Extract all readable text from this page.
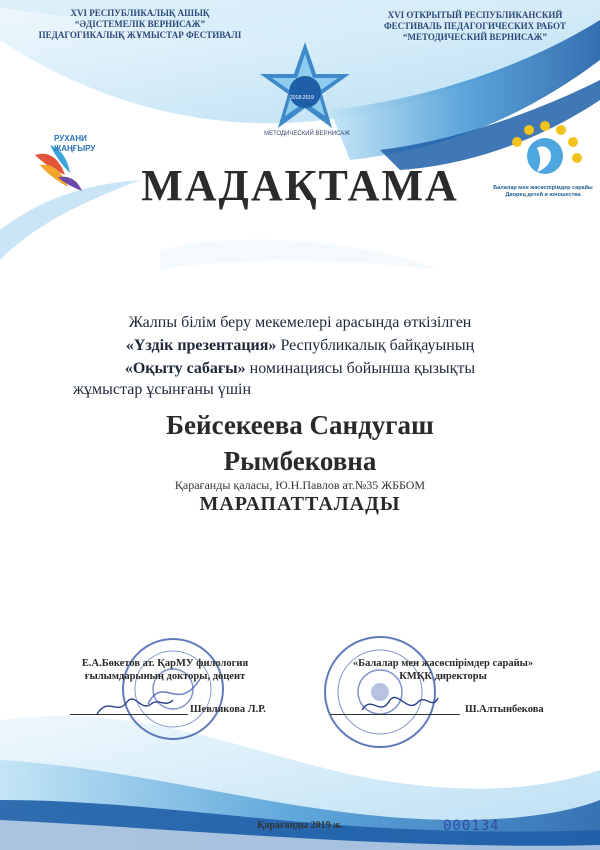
2018-2019
МЕТОДИЧЕСКИЙ ВЕРНИСАЖ
РУХАНИ
ЖАҢҒЫРУ
Балалар мен жасөспірімдер сарайы
Дворец детей и юношества
XVI РЕСПУБЛИКАЛЫҚ АШЫҚ
“ӘДІСТЕМЕЛІК ВЕРНИСАЖ”
ПЕДАГОГИКАЛЫҚ ЖҰМЫСТАР ФЕСТИВАЛІ
XVI ОТКРЫТЫЙ РЕСПУБЛИКАНСКИЙ
ФЕСТИВАЛЬ ПЕДАГОГИЧЕСКИХ РАБОТ
“МЕТОДИЧЕСКИЙ ВЕРНИСАЖ”
МАДАҚТАМА
Жалпы білім беру мекемелері арасында өткізілген
«Үздік презентация» Республикалық байқауының
«Оқыту сабағы» номинациясы бойынша қызықты
жұмыстар ұсынғаны үшін
Бейсекеева Сандугаш
Рымбековна
Қарағанды қаласы, Ю.Н.Павлов ат.№35 ЖББОМ
МАРАПАТТАЛАДЫ
Е.А.Бөкетов ат. ҚарМУ филология
ғылымдарының докторы, доцент
«Балалар мен жасөспірімдер сарайы»
КМҚК директоры
Шевлякова Л.Р.	Ш.Алтынбекова
Қарағанды 2019 ж.	000134
